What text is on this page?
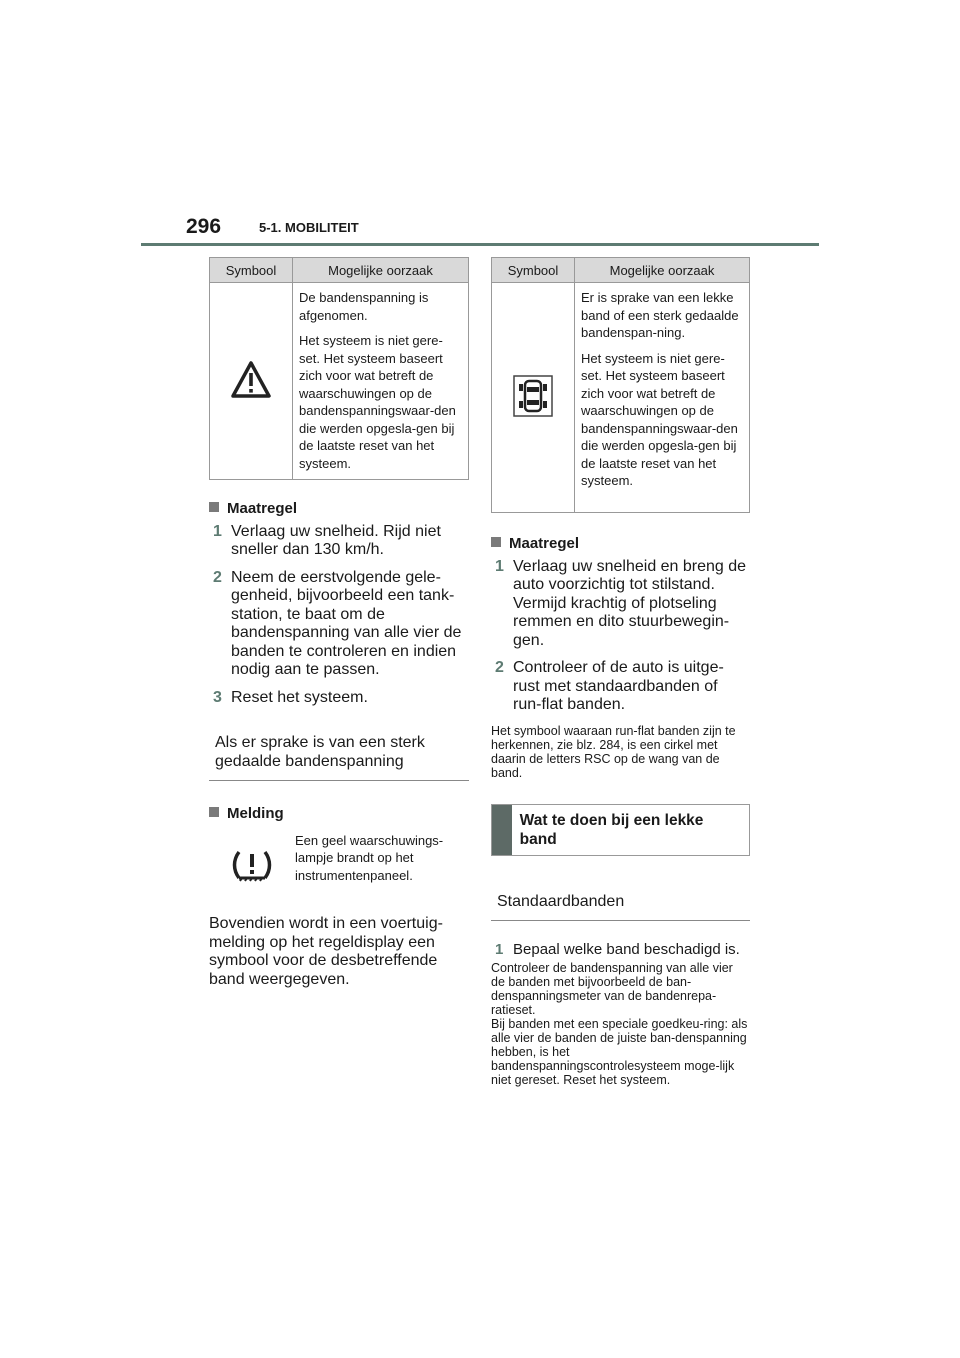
296	5-1. MOBILITEIT
Symbool	Mogelijke oorzaak

De bandenspanning is afgenomen.

Het systeem is niet gere-set. Het systeem baseert zich voor wat betreft de waarschuwingen op de bandenspanningswaar-den die werden opgesla-gen bij de laatste reset van het systeem.

Maatregel
1 Verlaag uw snelheid. Rijd niet sneller dan 130 km/h.
2 Neem de eerstvolgende gele-genheid, bijvoorbeeld een tank-station, te baat om de bandenspanning van alle vier de banden te controleren en indien nodig aan te passen.
3 Reset het systeem.
Als er sprake is van een sterk gedaalde bandenspanning
Melding
Een geel waarschuwings-lampje brandt op het instrumentenpaneel.
Bovendien wordt in een voertuig-melding op het regeldisplay een symbool voor de desbetreffende band weergegeven.
Symbool	Mogelijke oorzaak

Er is sprake van een lekke band of een sterk gedaalde bandenspan-ning.

Het systeem is niet gere-set. Het systeem baseert zich voor wat betreft de waarschuwingen op de bandenspanningswaar-den die werden opgesla-gen bij de laatste reset van het systeem.

Maatregel
1 Verlaag uw snelheid en breng de auto voorzichtig tot stilstand. Vermijd krachtig of plotseling remmen en dito stuurbewegin-gen.
2 Controleer of de auto is uitge-rust met standaardbanden of run-flat banden.
Het symbool waaraan run-flat banden zijn te herkennen, zie blz. 284, is een cirkel met daarin de letters RSC op de wang van de band.
Wat te doen bij een lekke band
Standaardbanden
1 Bepaal welke band beschadigd is.
Controleer de bandenspanning van alle vier de banden met bijvoorbeeld de ban-denspanningsmeter van de bandenrepa-ratieset.
Bij banden met een speciale goedkeu-ring: als alle vier de banden de juiste ban-denspanning hebben, is het bandenspanningscontrolesysteem moge-lijk niet gereset. Reset het systeem.
